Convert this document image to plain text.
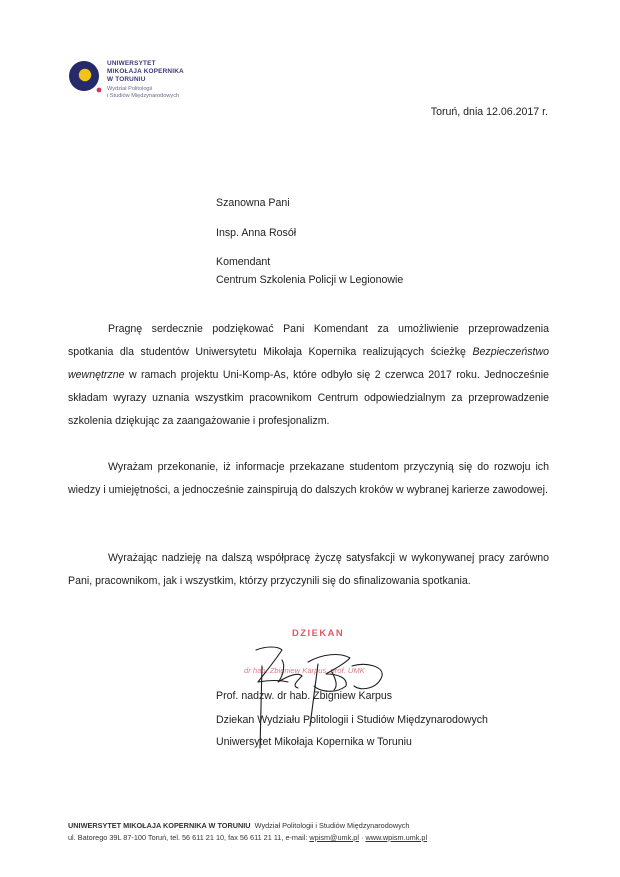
UNIWERSYTET
MIKOŁAJA KOPERNIKA
W TORUNIU
Wydział Politologii
i Studiów Międzynarodowych
Toruń, dnia 12.06.2017 r.
Szanowna Pani
Insp. Anna Rosół
Komendant
Centrum Szkolenia Policji w Legionowie
Pragnę serdecznie podziękować Pani Komendant za umożliwienie przeprowadzenia spotkania dla studentów Uniwersytetu Mikołaja Kopernika realizujących ścieżkę Bezpieczeństwo wewnętrzne w ramach projektu Uni-Komp-As, które odbyło się 2 czerwca 2017 roku. Jednocześnie składam wyrazy uznania wszystkim pracownikom Centrum odpowiedzialnym za przeprowadzenie szkolenia dziękując za zaangażowanie i profesjonalizm.
Wyrażam przekonanie, iż informacje przekazane studentom przyczynią się do rozwoju ich wiedzy i umiejętności, a jednocześnie zainspirują do dalszych kroków w wybranej karierze zawodowej.
Wyrażając nadzieję na dalszą współpracę życzę satysfakcji w wykonywanej pracy zarówno Pani, pracownikom, jak i wszystkim, którzy przyczynili się do sfinalizowania spotkania.
DZIEKAN
dr hab. Zbigniew Karpus, prof. UMK
Prof. nadzw. dr hab. Zbigniew Karpus
Dziekan Wydziału Politologii i Studiów Międzynarodowych
Uniwersytet Mikołaja Kopernika w Toruniu
UNIWERSYTET MIKOŁAJA KOPERNIKA W TORUNIU Wydział Politologii i Studiów Międzynarodowych
ul. Batorego 39L 87-100 Toruń, tel. 56 611 21 10, fax 56 611 21 11, e-mail: wpism@umk.pl · www.wpism.umk.pl
